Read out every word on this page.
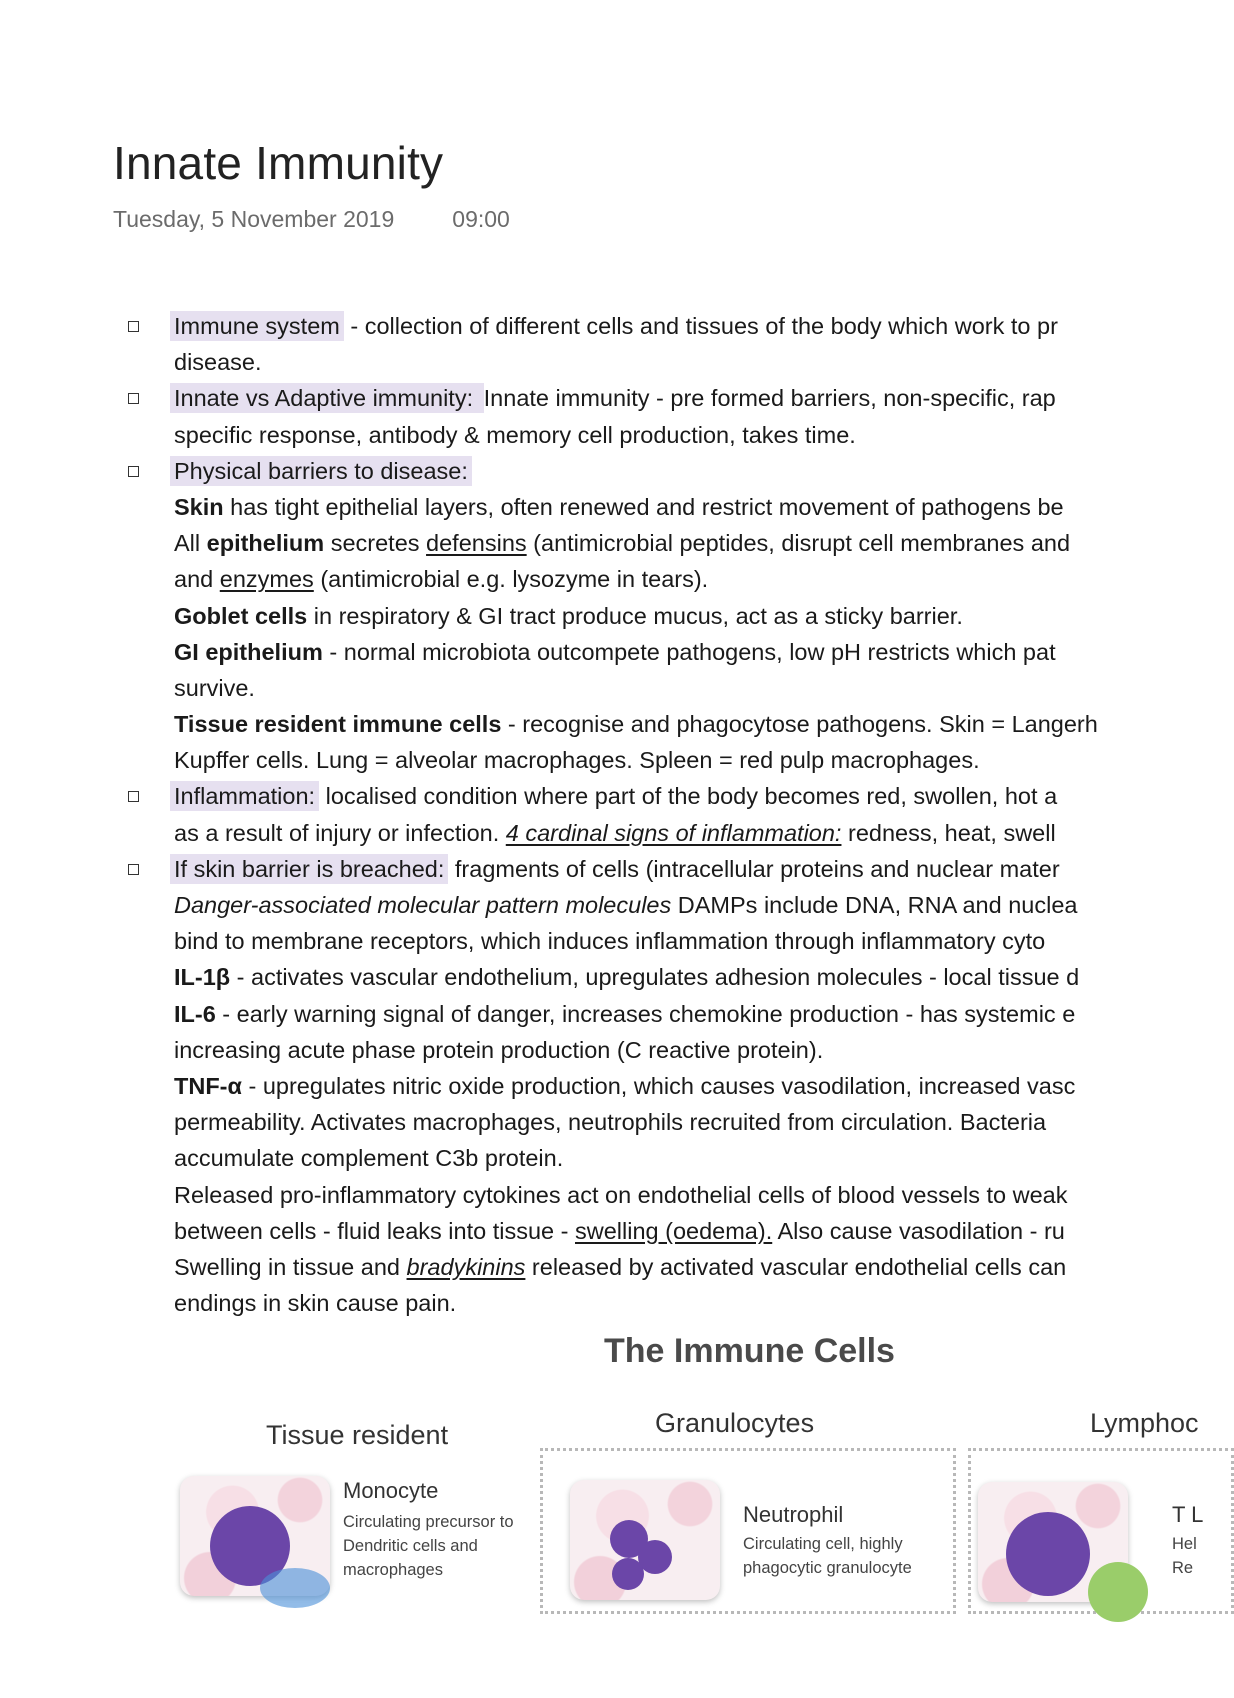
Innate Immunity
Tuesday, 5 November 2019	09:00
Immune system - collection of different cells and tissues of the body which work to pr
disease.
Innate vs Adaptive immunity: Innate immunity - pre formed barriers, non-specific, rap
specific response, antibody & memory cell production, takes time.
Physical barriers to disease:
Skin has tight epithelial layers, often renewed and restrict movement of pathogens be
All epithelium secretes defensins (antimicrobial peptides, disrupt cell membranes and
and enzymes (antimicrobial e.g. lysozyme in tears).
Goblet cells in respiratory & GI tract produce mucus, act as a sticky barrier.
GI epithelium - normal microbiota outcompete pathogens, low pH restricts which pat
survive.
Tissue resident immune cells - recognise and phagocytose pathogens. Skin = Langerh
Kupffer cells. Lung = alveolar macrophages. Spleen = red pulp macrophages.
Inflammation: localised condition where part of the body becomes red, swollen, hot a
as a result of injury or infection. 4 cardinal signs of inflammation: redness, heat, swell
If skin barrier is breached: fragments of cells (intracellular proteins and nuclear mater
Danger-associated molecular pattern molecules DAMPs include DNA, RNA and nuclea
bind to membrane receptors, which induces inflammation through inflammatory cyto
IL-1β - activates vascular endothelium, upregulates adhesion molecules - local tissue d
IL-6 - early warning signal of danger, increases chemokine production - has systemic e
increasing acute phase protein production (C reactive protein).
TNF-α - upregulates nitric oxide production, which causes vasodilation, increased vasc
permeability. Activates macrophages, neutrophils recruited from circulation. Bacteria
accumulate complement C3b protein.
Released pro-inflammatory cytokines act on endothelial cells of blood vessels to weak
between cells - fluid leaks into tissue - swelling (oedema). Also cause vasodilation - ru
Swelling in tissue and bradykinins released by activated vascular endothelial cells can
endings in skin cause pain.
The Immune Cells
Tissue resident	Granulocytes	Lymphoc
Monocyte
Circulating precursor to
Dendritic cells and
macrophages
Neutrophil
Circulating cell, highly
phagocytic granulocyte
T L
Hel
Re
